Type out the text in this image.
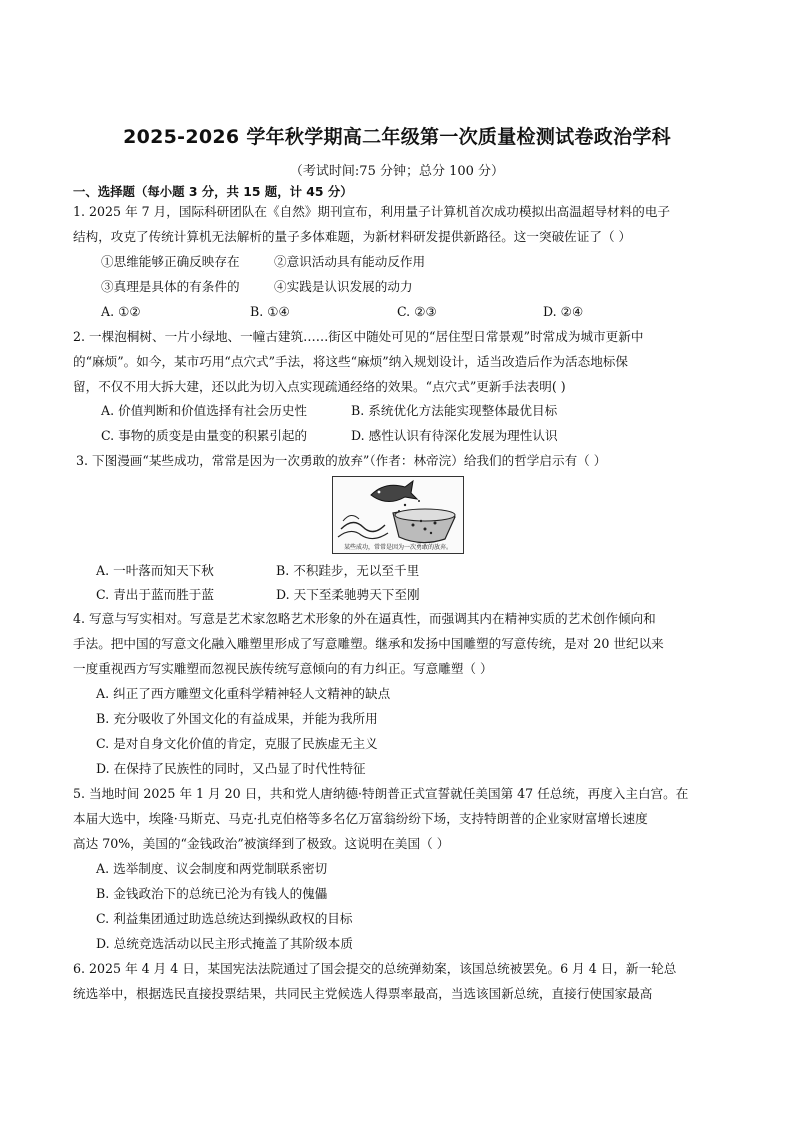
2025-2026 学年秋学期高二年级第一次质量检测试卷政治学科
（考试时间:75 分钟；总分 100 分）
一、选择题（每小题 3 分，共 15 题，计 45 分）
1. 2025 年 7 月，国际科研团队在《自然》期刊宣布，利用量子计算机首次成功模拟出高温超导材料的电子
结构，攻克了传统计算机无法解析的量子多体难题，为新材料研发提供新路径。这一突破佐证了（ ）
①思维能够正确反映存在	②意识活动具有能动反作用
③真理是具体的有条件的	④实践是认识发展的动力
A. ①②	B. ①④	C. ②③	D. ②④
2. 一棵泡桐树、一片小绿地、一幢古建筑……街区中随处可见的“居住型日常景观”时常成为城市更新中
的“麻烦”。如今，某市巧用“点穴式”手法，将这些“麻烦”纳入规划设计，适当改造后作为活态地标保
留，不仅不用大拆大建，还以此为切入点实现疏通经络的效果。“点穴式”更新手法表明( )
A. 价值判断和价值选择有社会历史性	B. 系统优化方法能实现整体最优目标
C. 事物的质变是由量变的积累引起的	D. 感性认识有待深化发展为理性认识
3. 下图漫画“某些成功，常常是因为一次勇敢的放弃”（作者：林帝浣）给我们的哲学启示有（ ）
某些成功，常常是因为一次勇敢的放弃。
A. 一叶落而知天下秋	B. 不积跬步，无以至千里
C. 青出于蓝而胜于蓝	D. 天下至柔驰骋天下至刚
4. 写意与写实相对。写意是艺术家忽略艺术形象的外在逼真性，而强调其内在精神实质的艺术创作倾向和
手法。把中国的写意文化融入雕塑里形成了写意雕塑。继承和发扬中国雕塑的写意传统，是对 20 世纪以来
一度重视西方写实雕塑而忽视民族传统写意倾向的有力纠正。写意雕塑（ ）
A. 纠正了西方雕塑文化重科学精神轻人文精神的缺点
B. 充分吸收了外国文化的有益成果，并能为我所用
C. 是对自身文化价值的肯定，克服了民族虚无主义
D. 在保持了民族性的同时，又凸显了时代性特征
5. 当地时间 2025 年 1 月 20 日，共和党人唐纳德·特朗普正式宣誓就任美国第 47 任总统，再度入主白宫。在
本届大选中，埃隆·马斯克、马克·扎克伯格等多名亿万富翁纷纷下场，支持特朗普的企业家财富增长速度
高达 70%，美国的“金钱政治”被演绎到了极致。这说明在美国（ ）
A. 选举制度、议会制度和两党制联系密切
B. 金钱政治下的总统已沦为有钱人的傀儡
C. 利益集团通过助选总统达到操纵政权的目标
D. 总统竞选活动以民主形式掩盖了其阶级本质
6. 2025 年 4 月 4 日，某国宪法法院通过了国会提交的总统弹劾案，该国总统被罢免。6 月 4 日，新一轮总
统选举中，根据选民直接投票结果，共同民主党候选人得票率最高，当选该国新总统，直接行使国家最高
